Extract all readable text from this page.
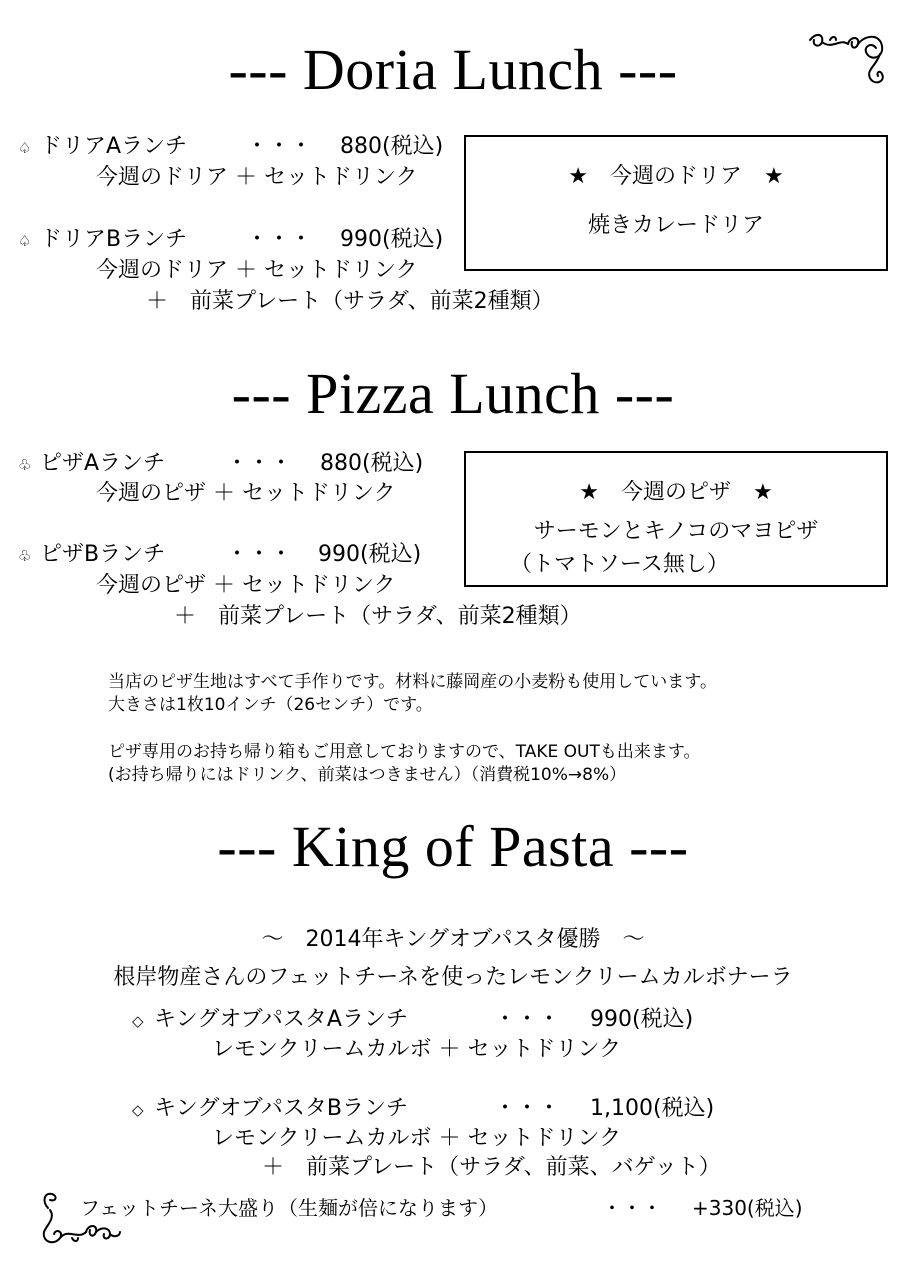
--- Doria Lunch ---
♤ ドリアAランチ	・・・ 880(税込)
今週のドリア ＋ セットドリンク
♤ ドリアBランチ	・・・ 990(税込)
今週のドリア ＋ セットドリンク
＋　前菜プレート（サラダ、前菜2種類）
★　今週のドリア　★
焼きカレードリア
--- Pizza Lunch ---
♧ ピザAランチ	・・・ 880(税込)
今週のピザ ＋ セットドリンク
♧ ピザBランチ	・・・ 990(税込)
今週のピザ ＋ セットドリンク
＋　前菜プレート（サラダ、前菜2種類）
★　今週のピザ　★
サーモンとキノコのマヨピザ
（トマトソース無し）
当店のピザ生地はすべて手作りです。材料に藤岡産の小麦粉も使用しています。
大きさは1枚10インチ（26センチ）です。
ピザ専用のお持ち帰り箱もご用意しておりますので、TAKE OUTも出来ます。
(お持ち帰りにはドリンク、前菜はつきません）（消費税10%→8%）
--- King of Pasta ---
～　2014年キングオブパスタ優勝　～
根岸物産さんのフェットチーネを使ったレモンクリームカルボナーラ
◇ キングオブパスタAランチ	・・・ 990(税込)
レモンクリームカルボ ＋ セットドリンク
◇ キングオブパスタBランチ	・・・ 1,100(税込)
レモンクリームカルボ ＋ セットドリンク
＋　前菜プレート（サラダ、前菜、バゲット）
フェットチーネ大盛り（生麺が倍になります）	・・・ +330(税込)
